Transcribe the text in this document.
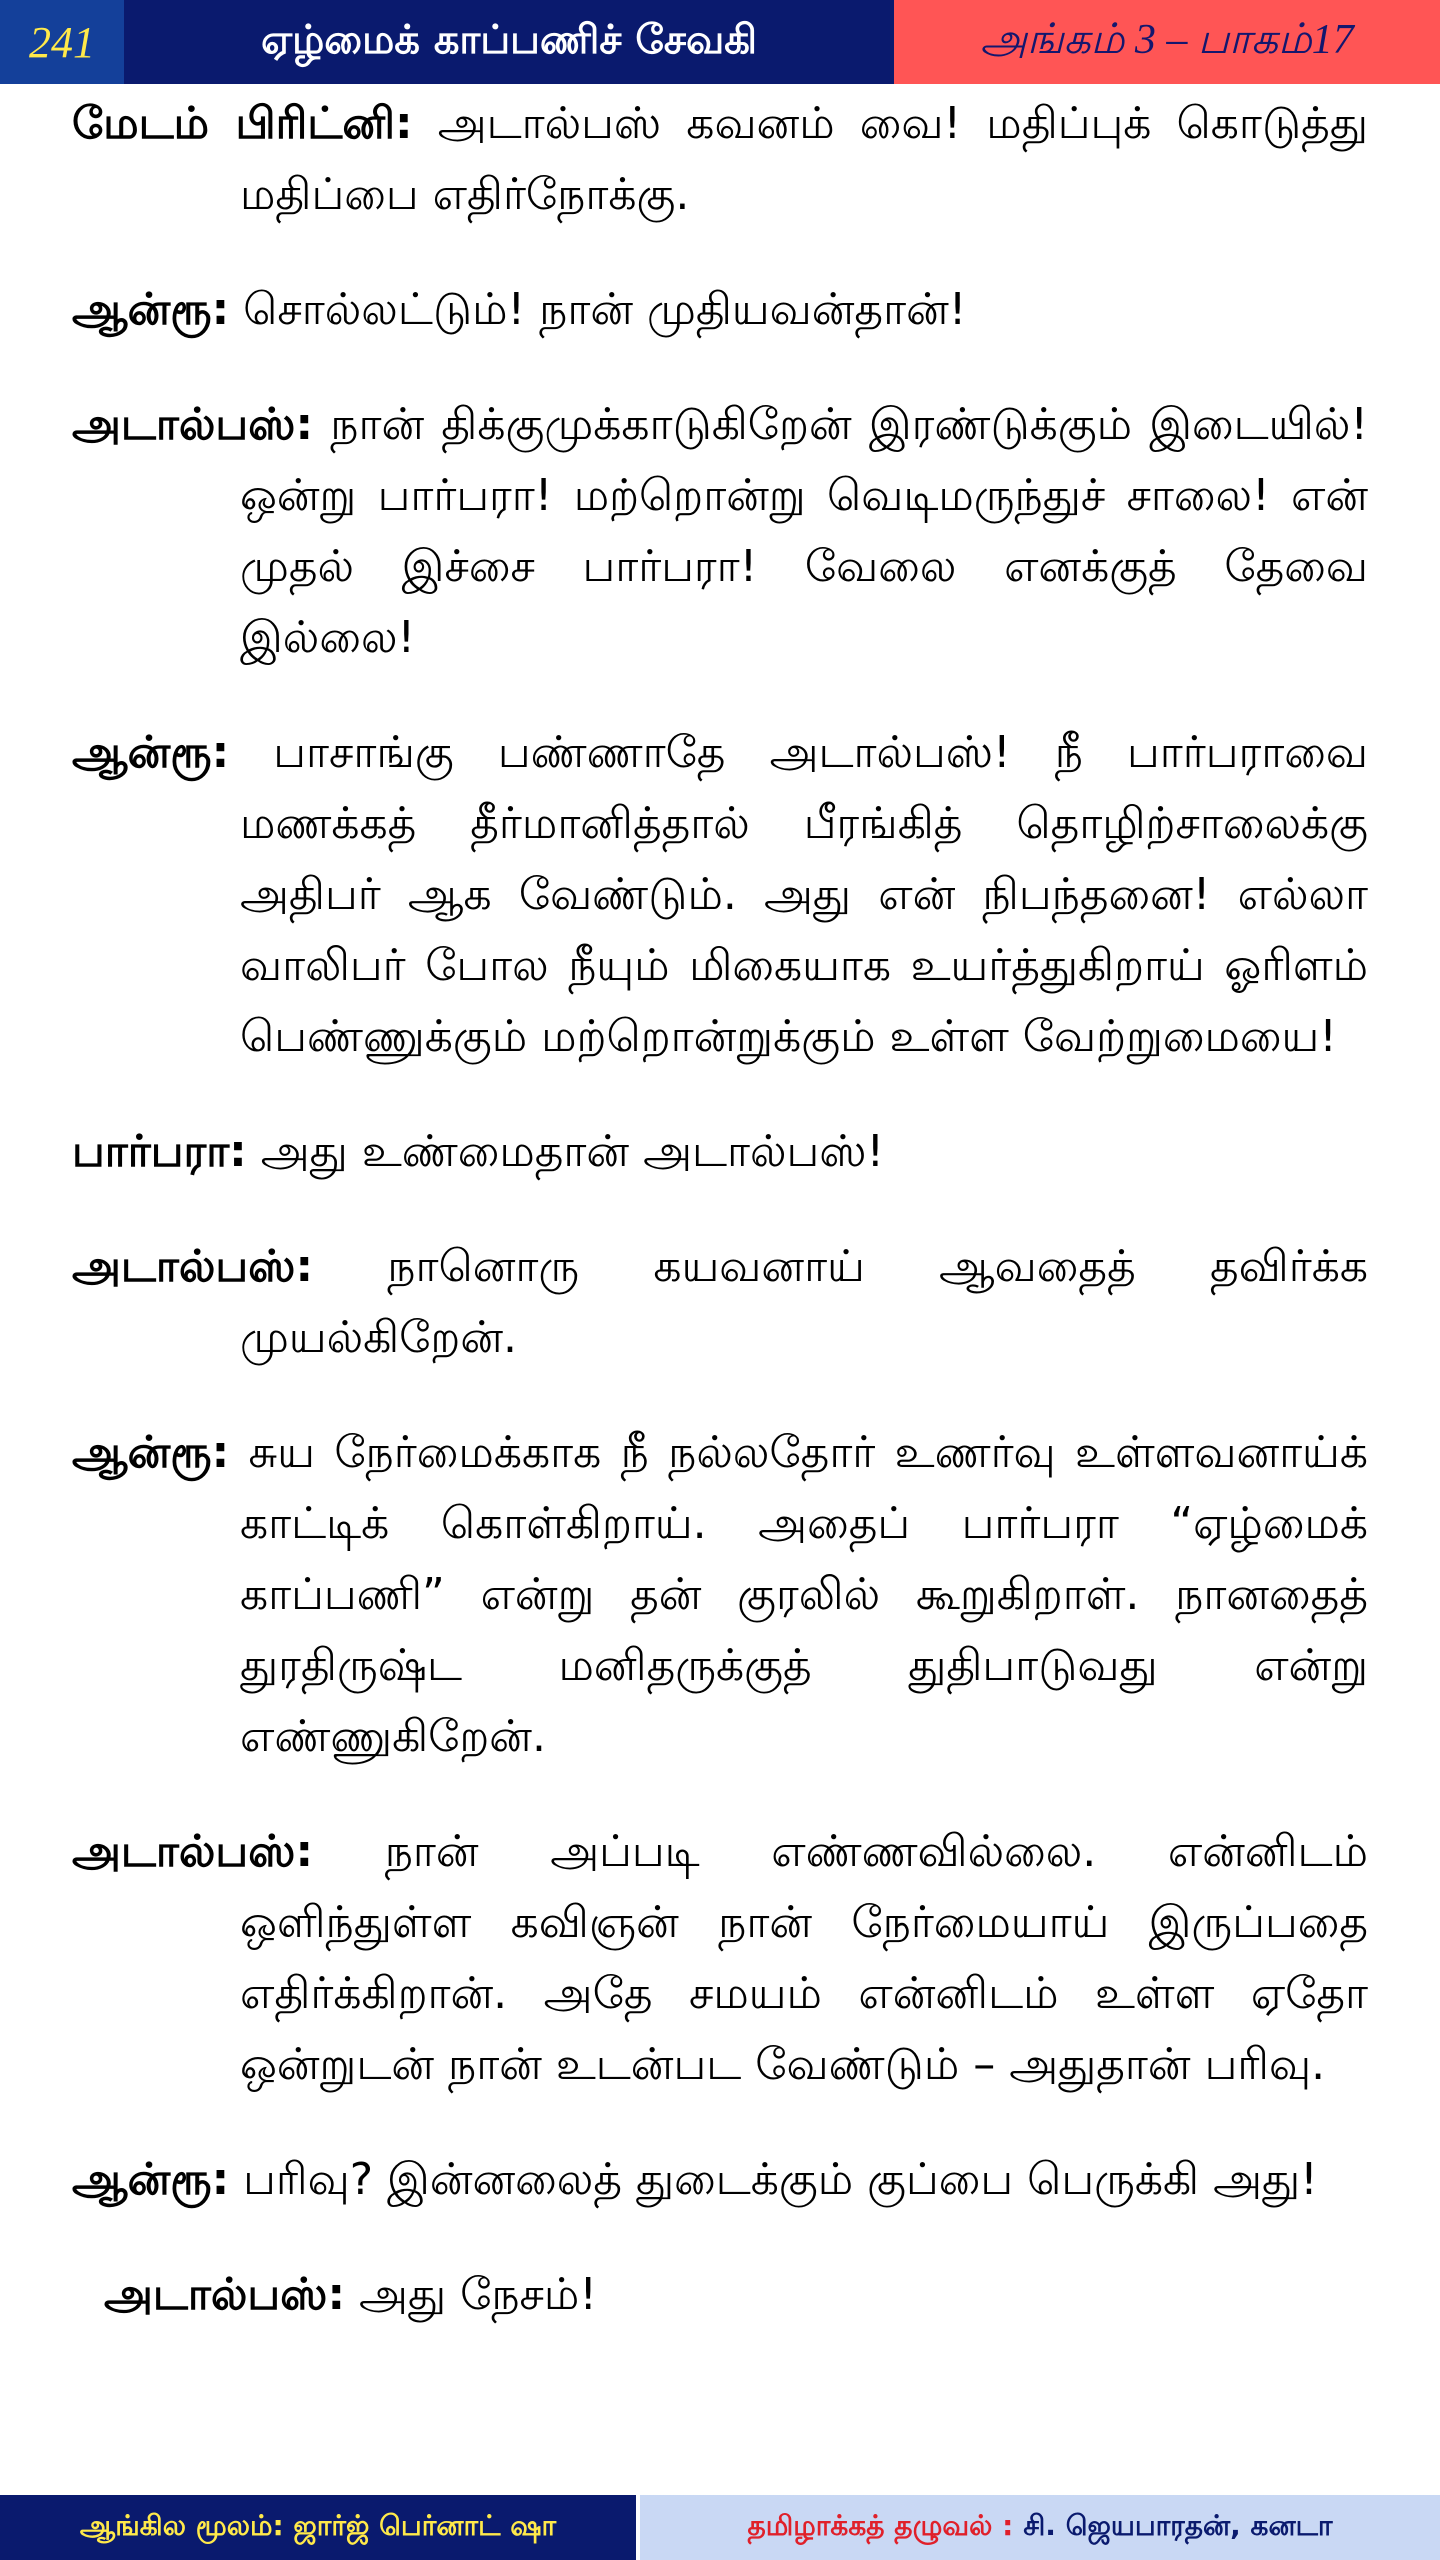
241	ஏழ்மைக் காப்பணிச் சேவகி	அங்கம் 3 – பாகம்17

மேடம் பிரிட்னி: அடால்பஸ் கவனம் வை! மதிப்புக் கொடுத்து மதிப்பை எதிர்நோக்கு.

ஆன்ரூ: சொல்லட்டும்! நான் முதியவன்தான்!

அடால்பஸ்: நான் திக்குமுக்காடுகிறேன் இரண்டுக்கும் இடையில்! ஒன்று பார்பரா! மற்றொன்று வெடிமருந்துச் சாலை! என் முதல் இச்சை பார்பரா! வேலை எனக்குத் தேவை இல்லை!

ஆன்ரூ: பாசாங்கு பண்ணாதே அடால்பஸ்! நீ பார்பராவை மணக்கத் தீர்மானித்தால் பீரங்கித் தொழிற்சாலைக்கு அதிபர் ஆக வேண்டும். அது என் நிபந்தனை! எல்லா வாலிபர் போல நீயும் மிகையாக உயர்த்துகிறாய் ஓரிளம் பெண்ணுக்கும் மற்றொன்றுக்கும் உள்ள வேற்றுமையை!

பார்பரா: அது உண்மைதான் அடால்பஸ்!

அடால்பஸ்: நானொரு கயவனாய் ஆவதைத் தவிர்க்க முயல்கிறேன்.

ஆன்ரூ: சுய நேர்மைக்காக நீ நல்லதோர் உணர்வு உள்ளவனாய்க் காட்டிக் கொள்கிறாய். அதைப் பார்பரா “ஏழ்மைக் காப்பணி” என்று தன் குரலில் கூறுகிறாள். நானதைத் துரதிருஷ்ட மனிதருக்குத் துதிபாடுவது என்று எண்ணுகிறேன்.

அடால்பஸ்: நான் அப்படி எண்ணவில்லை. என்னிடம் ஒளிந்துள்ள கவிஞன் நான் நேர்மையாய் இருப்பதை எதிர்க்கிறான். அதே சமயம் என்னிடம் உள்ள ஏதோ ஒன்றுடன் நான் உடன்பட வேண்டும் – அதுதான் பரிவு.

ஆன்ரூ: பரிவு? இன்னலைத் துடைக்கும் குப்பை பெருக்கி அது!

அடால்பஸ்: அது நேசம்!

ஆங்கில மூலம்: ஜார்ஜ் பெர்னாட் ஷா	தமிழாக்கத் தழுவல் : சி. ஜெயபாரதன், கனடா
